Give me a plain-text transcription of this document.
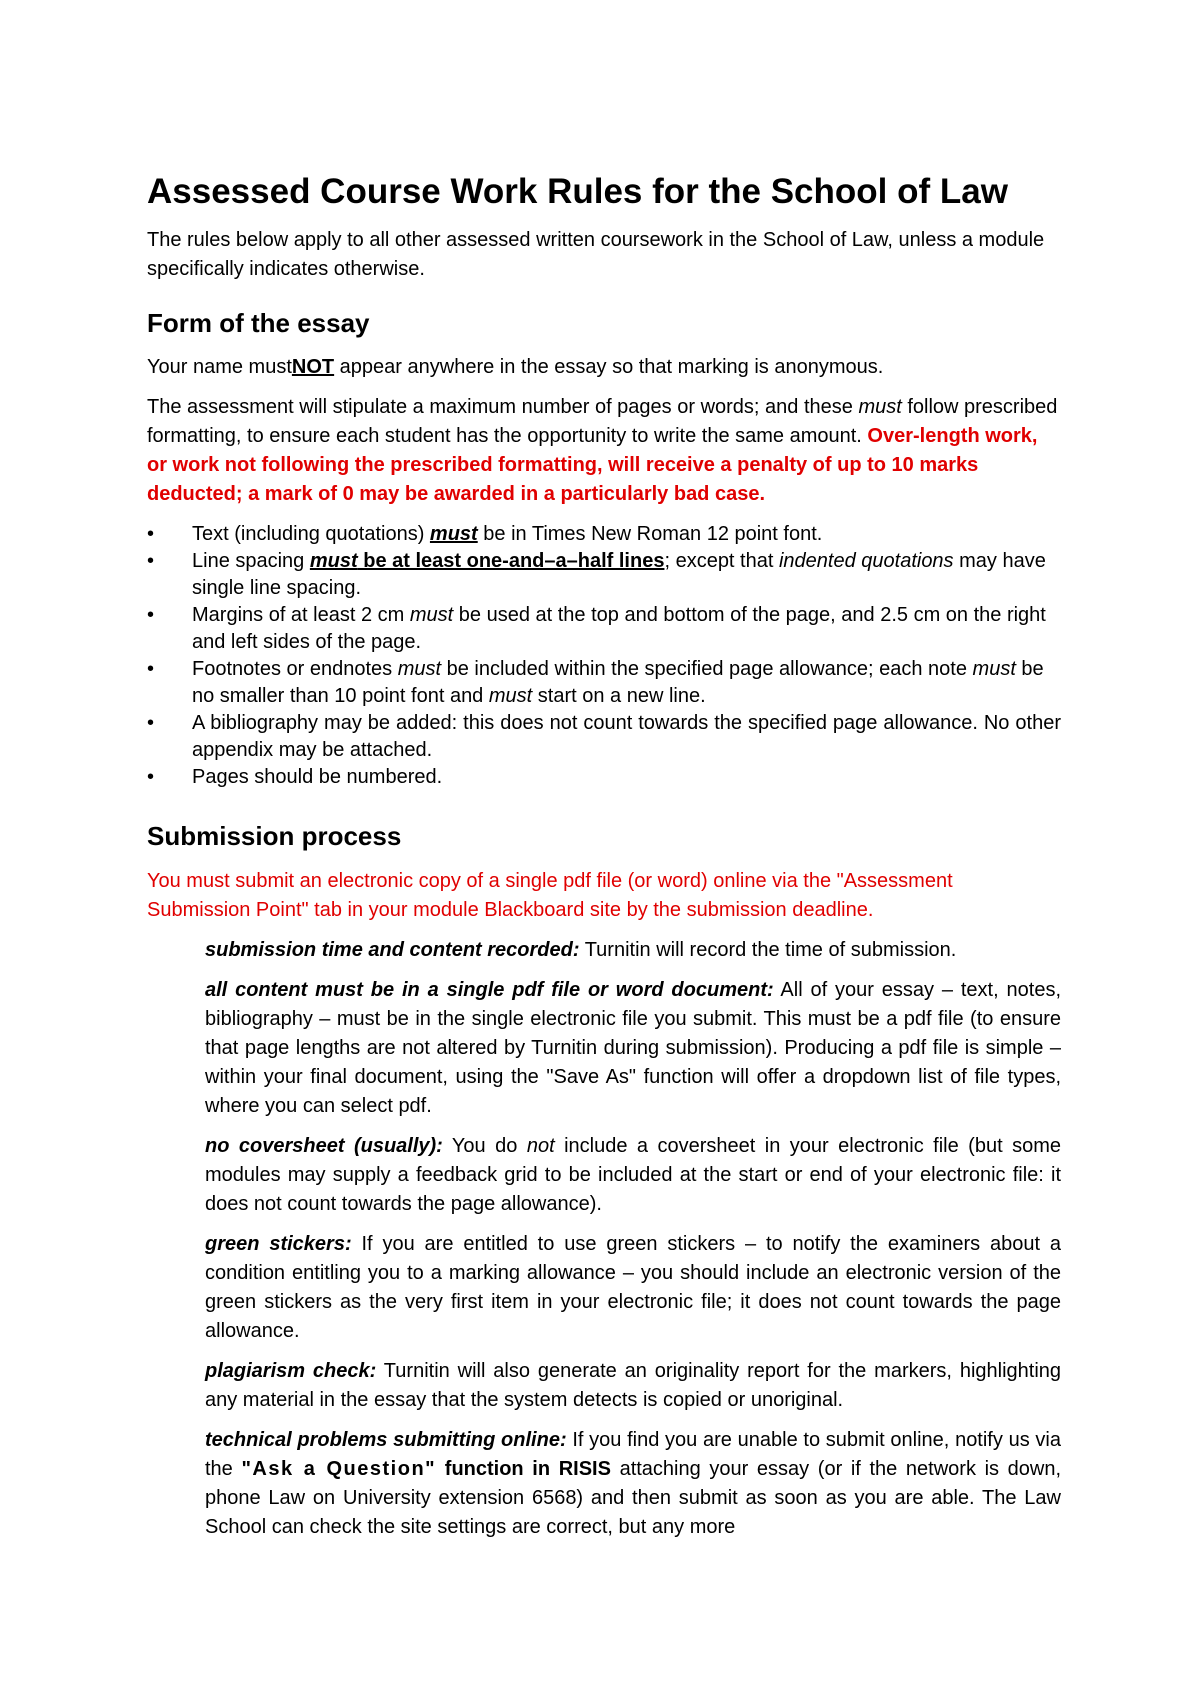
Assessed Course Work Rules for the School of Law

The rules below apply to all other assessed written coursework in the School of Law, unless a module specifically indicates otherwise.

Form of the essay

Your name mustNOT appear anywhere in the essay so that marking is anonymous.

The assessment will stipulate a maximum number of pages or words; and these must follow prescribed formatting, to ensure each student has the opportunity to write the same amount. Over-length work, or work not following the prescribed formatting, will receive a penalty of up to 10 marks deducted; a mark of 0 may be awarded in a particularly bad case.

• Text (including quotations) must be in Times New Roman 12 point font.
• Line spacing must be at least one-and–a–half lines; except that indented quotations may have single line spacing.
• Margins of at least 2 cm must be used at the top and bottom of the page, and 2.5 cm on the right and left sides of the page.
• Footnotes or endnotes must be included within the specified page allowance; each note must be no smaller than 10 point font and must start on a new line.
• A bibliography may be added: this does not count towards the specified page allowance. No other appendix may be attached.
• Pages should be numbered.
Submission process

You must submit an electronic copy of a single pdf file (or word) online via the "Assessment Submission Point" tab in your module Blackboard site by the submission deadline.

submission time and content recorded: Turnitin will record the time of submission.

all content must be in a single pdf file or word document: All of your essay – text, notes, bibliography – must be in the single electronic file you submit. This must be a pdf file (to ensure that page lengths are not altered by Turnitin during submission). Producing a pdf file is simple – within your final document, using the "Save As" function will offer a dropdown list of file types, where you can select pdf.

no coversheet (usually): You do not include a coversheet in your electronic file (but some modules may supply a feedback grid to be included at the start or end of your electronic file: it does not count towards the page allowance).

green stickers: If you are entitled to use green stickers – to notify the examiners about a condition entitling you to a marking allowance – you should include an electronic version of the green stickers as the very first item in your electronic file; it does not count towards the page allowance.

plagiarism check: Turnitin will also generate an originality report for the markers, highlighting any material in the essay that the system detects is copied or unoriginal.

technical problems submitting online: If you find you are unable to submit online, notify us via the "Ask a Question" function in RISIS attaching your essay (or if the network is down, phone Law on University extension 6568) and then submit as soon as you are able. The Law School can check the site settings are correct, but any more
